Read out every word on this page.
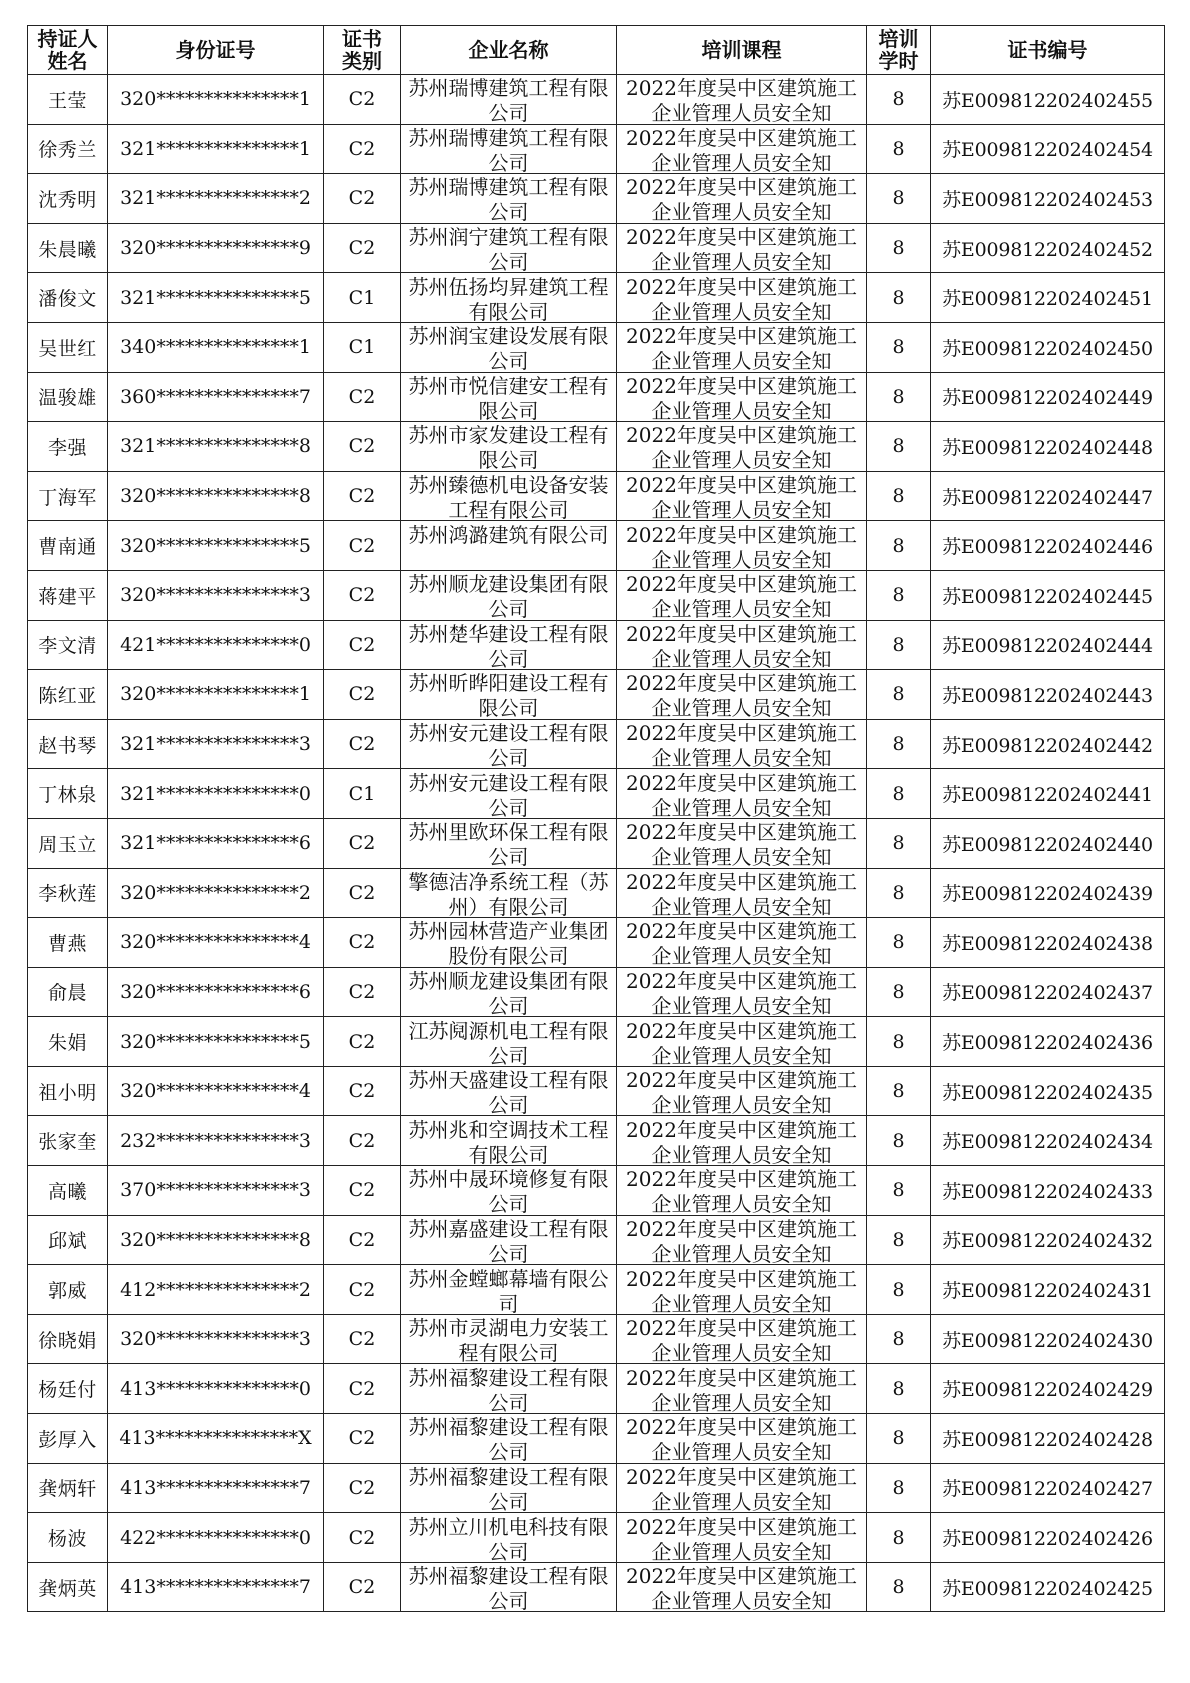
持证人姓名	身份证号	证书类别	企业名称	培训课程	培训学时	证书编号

王莹	320***************1	C2	苏州瑞博建筑工程有限公司	2022年度吴中区建筑施工企业管理人员安全知	8	苏E009812202402455
徐秀兰	321***************1	C2	苏州瑞博建筑工程有限公司	2022年度吴中区建筑施工企业管理人员安全知	8	苏E009812202402454
沈秀明	321***************2	C2	苏州瑞博建筑工程有限公司	2022年度吴中区建筑施工企业管理人员安全知	8	苏E009812202402453
朱晨曦	320***************9	C2	苏州润宁建筑工程有限公司	2022年度吴中区建筑施工企业管理人员安全知	8	苏E009812202402452
潘俊文	321***************5	C1	苏州伍扬均昇建筑工程有限公司	2022年度吴中区建筑施工企业管理人员安全知	8	苏E009812202402451
吴世红	340***************1	C1	苏州润宝建设发展有限公司	2022年度吴中区建筑施工企业管理人员安全知	8	苏E009812202402450
温骏雄	360***************7	C2	苏州市悦信建安工程有限公司	2022年度吴中区建筑施工企业管理人员安全知	8	苏E009812202402449
李强	321***************8	C2	苏州市家发建设工程有限公司	2022年度吴中区建筑施工企业管理人员安全知	8	苏E009812202402448
丁海军	320***************8	C2	苏州臻德机电设备安装工程有限公司	2022年度吴中区建筑施工企业管理人员安全知	8	苏E009812202402447
曹南通	320***************5	C2	苏州鸿潞建筑有限公司	2022年度吴中区建筑施工企业管理人员安全知	8	苏E009812202402446
蒋建平	320***************3	C2	苏州顺龙建设集团有限公司	2022年度吴中区建筑施工企业管理人员安全知	8	苏E009812202402445
李文清	421***************0	C2	苏州楚华建设工程有限公司	2022年度吴中区建筑施工企业管理人员安全知	8	苏E009812202402444
陈红亚	320***************1	C2	苏州昕晔阳建设工程有限公司	2022年度吴中区建筑施工企业管理人员安全知	8	苏E009812202402443
赵书琴	321***************3	C2	苏州安元建设工程有限公司	2022年度吴中区建筑施工企业管理人员安全知	8	苏E009812202402442
丁林泉	321***************0	C1	苏州安元建设工程有限公司	2022年度吴中区建筑施工企业管理人员安全知	8	苏E009812202402441
周玉立	321***************6	C2	苏州里欧环保工程有限公司	2022年度吴中区建筑施工企业管理人员安全知	8	苏E009812202402440
李秋莲	320***************2	C2	擎德洁净系统工程（苏州）有限公司	2022年度吴中区建筑施工企业管理人员安全知	8	苏E009812202402439
曹燕	320***************4	C2	苏州园林营造产业集团股份有限公司	2022年度吴中区建筑施工企业管理人员安全知	8	苏E009812202402438
俞晨	320***************6	C2	苏州顺龙建设集团有限公司	2022年度吴中区建筑施工企业管理人员安全知	8	苏E009812202402437
朱娟	320***************5	C2	江苏阋源机电工程有限公司	2022年度吴中区建筑施工企业管理人员安全知	8	苏E009812202402436
祖小明	320***************4	C2	苏州天盛建设工程有限公司	2022年度吴中区建筑施工企业管理人员安全知	8	苏E009812202402435
张家奎	232***************3	C2	苏州兆和空调技术工程有限公司	2022年度吴中区建筑施工企业管理人员安全知	8	苏E009812202402434
高曦	370***************3	C2	苏州中晟环境修复有限公司	2022年度吴中区建筑施工企业管理人员安全知	8	苏E009812202402433
邱斌	320***************8	C2	苏州嘉盛建设工程有限公司	2022年度吴中区建筑施工企业管理人员安全知	8	苏E009812202402432
郭威	412***************2	C2	苏州金螳螂幕墙有限公司	2022年度吴中区建筑施工企业管理人员安全知	8	苏E009812202402431
徐晓娟	320***************3	C2	苏州市灵湖电力安装工程有限公司	2022年度吴中区建筑施工企业管理人员安全知	8	苏E009812202402430
杨廷付	413***************0	C2	苏州福黎建设工程有限公司	2022年度吴中区建筑施工企业管理人员安全知	8	苏E009812202402429
彭厚入	413***************X	C2	苏州福黎建设工程有限公司	2022年度吴中区建筑施工企业管理人员安全知	8	苏E009812202402428
龚炳轩	413***************7	C2	苏州福黎建设工程有限公司	2022年度吴中区建筑施工企业管理人员安全知	8	苏E009812202402427
杨波	422***************0	C2	苏州立川机电科技有限公司	2022年度吴中区建筑施工企业管理人员安全知	8	苏E009812202402426
龚炳英	413***************7	C2	苏州福黎建设工程有限公司	2022年度吴中区建筑施工企业管理人员安全知	8	苏E009812202402425
